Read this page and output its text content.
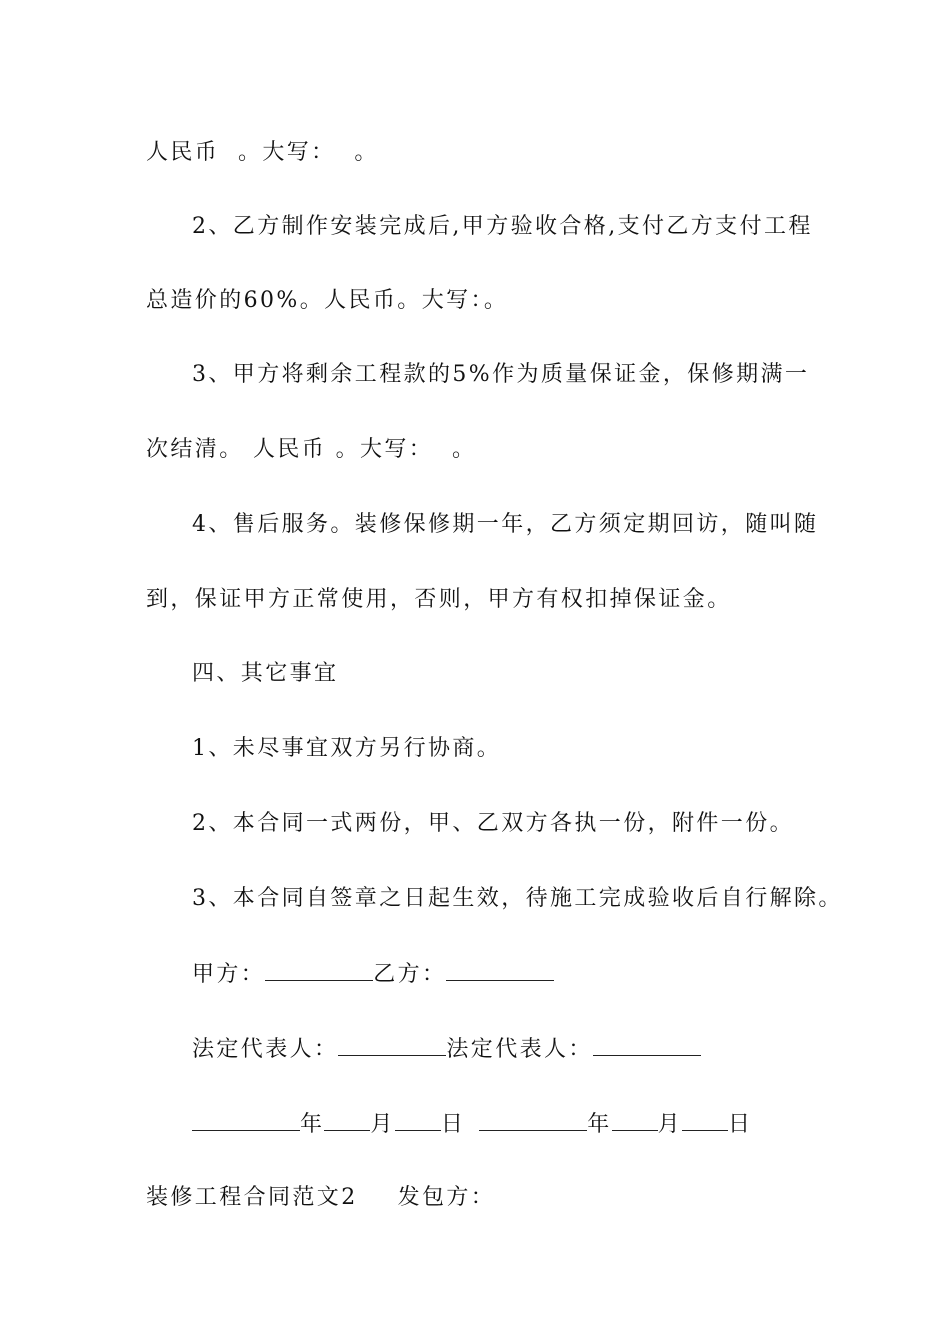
人民币  。大写：  。
2、乙方制作安装完成后,甲方验收合格,支付乙方支付工程
总造价的60%。人民币。大写：。
3、甲方将剩余工程款的5%作为质量保证金，保修期满一
次结清。 人民币 。大写：  。
4、售后服务。装修保修期一年，乙方须定期回访，随叫随
到，保证甲方正常使用，否则，甲方有权扣掉保证金。
四、其它事宜
1、未尽事宜双方另行协商。
2、本合同一式两份，甲、乙双方各执一份，附件一份。
3、本合同自签章之日起生效，待施工完成验收后自行解除。
甲方：	乙方：
法定代表人：	法定代表人：
年 月 日	年 月 日
装修工程合同范文2 发包方：
